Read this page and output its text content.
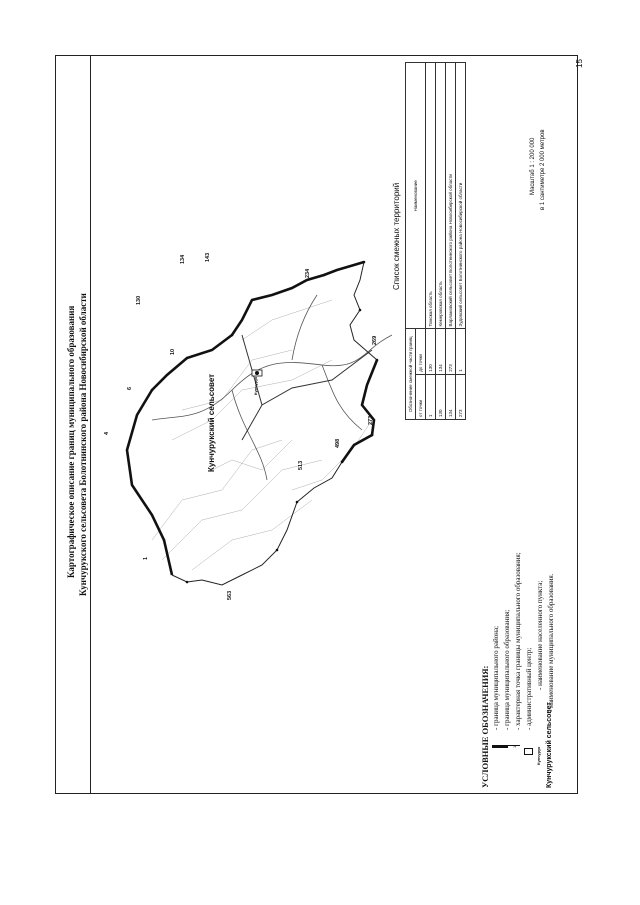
15
Картографическое описание границ муниципального образования Кунчурукского сельсовета Болотнинского района Новосибирской области	1
4
6
10
130
134	143
234
269
273
498
513
563
Кунчурукский сельсовет	Кунчурук
Список смежных территорий
Обозначение смежной части границ		Наименование
от точки	до точки	
1	130	Томская область
130	134	Кемеровская область
134	273	Варламовский сельсовет Болотнинского района Новосибирской области
273	1	Зудовский сельсовет Болотнинского района Новосибирской области
Масштаб 1 : 200 000 в 1 сантиметре 2 000 метров
УСЛОВНЫЕ ОБОЗНАЧЕНИЯ: - граница муниципального района; - граница муниципального образования;
1
- характерная точка границы муниципального образования; - административный центр;
Кунчурук
- наименование населенного пункта;
Кунчурукский сельсовет
- наименование муниципального образования.
